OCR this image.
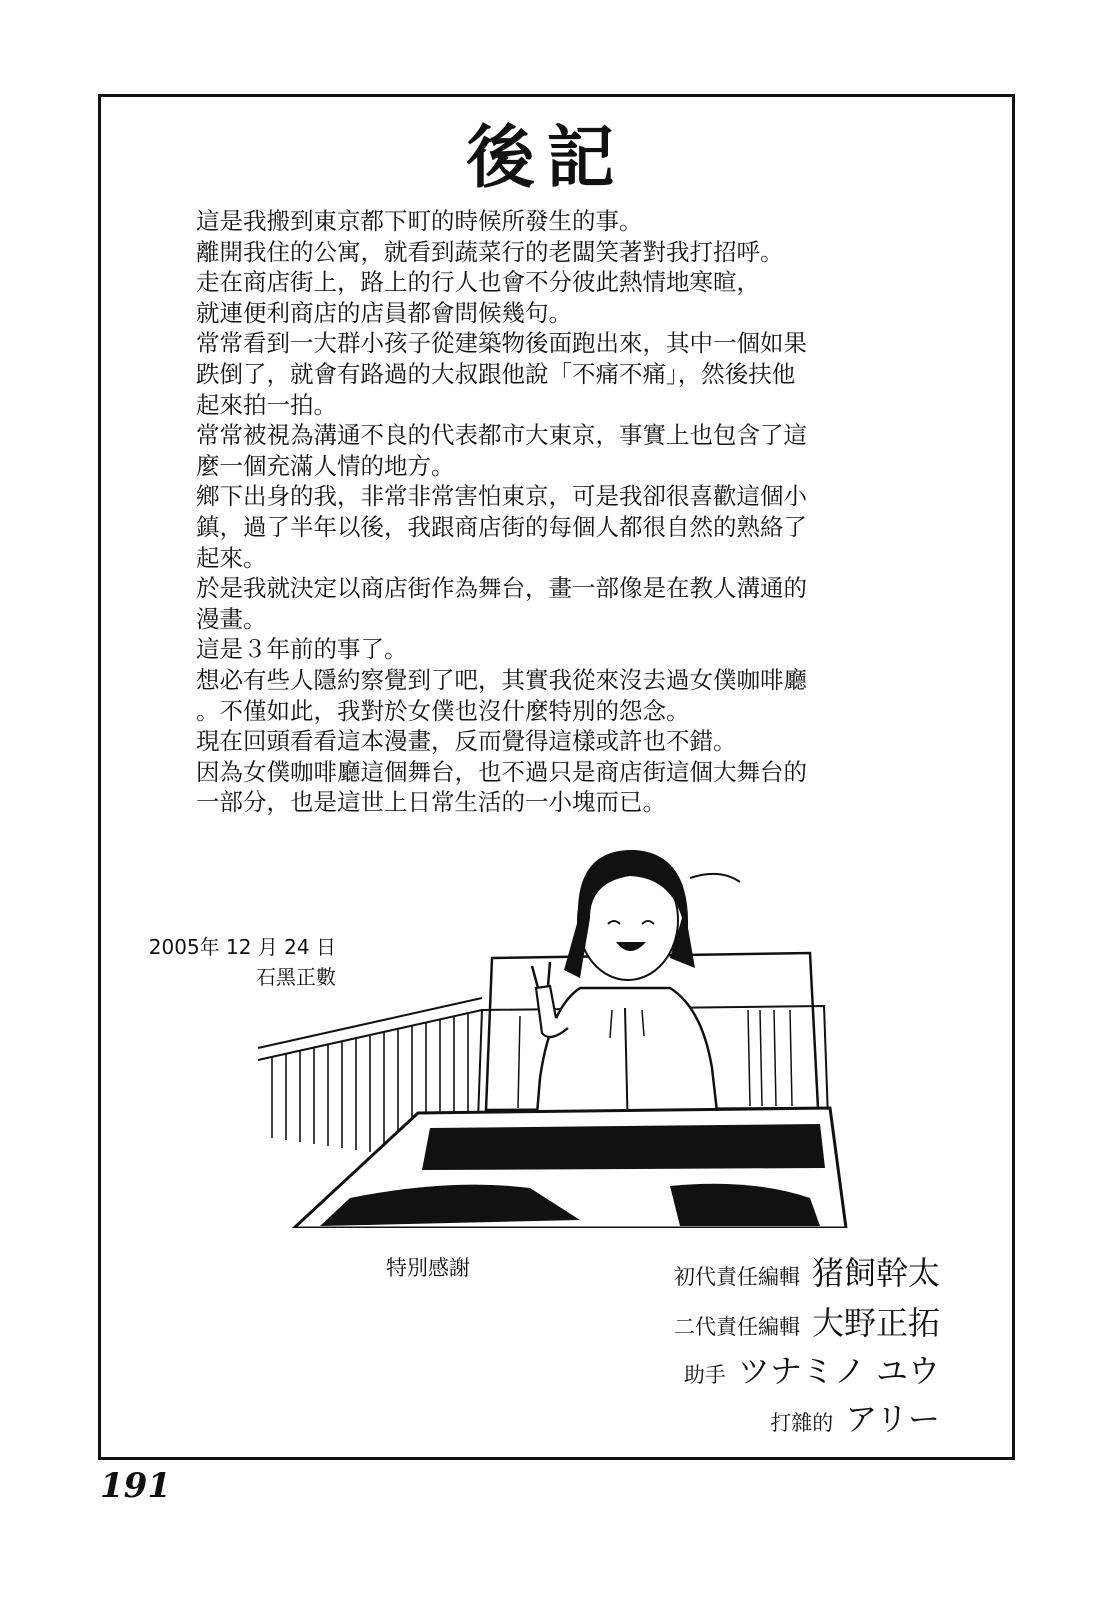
後記
這是我搬到東京都下町的時候所發生的事。
離開我住的公寓，就看到蔬菜行的老闆笑著對我打招呼。
走在商店街上，路上的行人也會不分彼此熱情地寒暄，
就連便利商店的店員都會問候幾句。
常常看到一大群小孩子從建築物後面跑出來，其中一個如果
跌倒了，就會有路過的大叔跟他說「不痛不痛」，然後扶他
起來拍一拍。
常常被視為溝通不良的代表都市大東京，事實上也包含了這
麼一個充滿人情的地方。
鄉下出身的我，非常非常害怕東京，可是我卻很喜歡這個小
鎮，過了半年以後，我跟商店街的每個人都很自然的熟絡了
起來。
於是我就決定以商店街作為舞台，畫一部像是在教人溝通的
漫畫。
這是３年前的事了。
想必有些人隱約察覺到了吧，其實我從來沒去過女僕咖啡廳
。不僅如此，我對於女僕也沒什麼特別的怨念。
現在回頭看看這本漫畫，反而覺得這樣或許也不錯。
因為女僕咖啡廳這個舞台，也不過只是商店街這個大舞台的
一部分，也是這世上日常生活的一小塊而已。
2005年 12 月 24 日
石黑正數
特別感謝	初代責任編輯 猪飼幹太
二代責任編輯 大野正拓
助手 ツナミノ ユウ
打雜的 アリー
191
